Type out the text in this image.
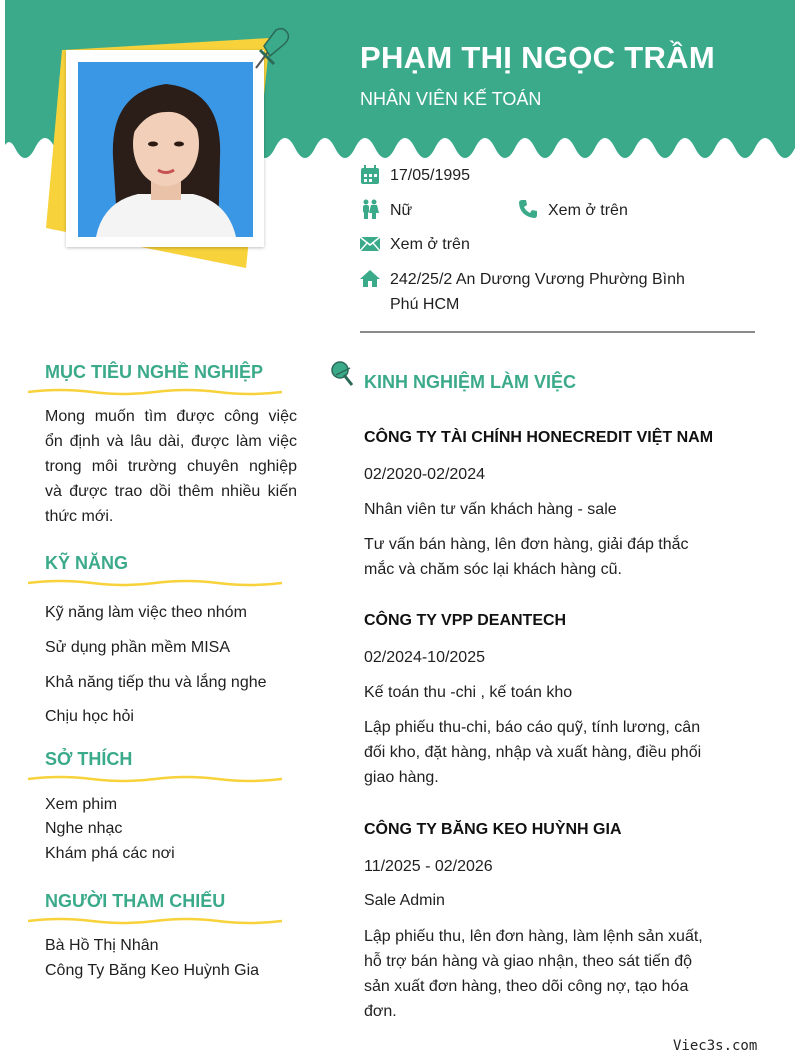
PHẠM THỊ NGỌC TRẦM
NHÂN VIÊN KẾ TOÁN
17/05/1995
Nữ	Xem ở trên
Xem ở trên
242/25/2 An Dương Vương Phường Bình
Phú HCM
MỤC TIÊU NGHỀ NGHIỆP
Mong muốn tìm được công việc
ổn định và lâu dài, được làm việc
trong môi trường chuyên nghiệp
và được trao dồi thêm nhiều kiến
thức mới.
KỸ NĂNG
Kỹ năng làm việc theo nhóm
Sử dụng phần mềm MISA
Khả năng tiếp thu và lắng nghe
Chịu học hỏi
SỞ THÍCH
Xem phim
Nghe nhạc
Khám phá các nơi
NGƯỜI THAM CHIẾU
Bà Hồ Thị Nhân
Công Ty Băng Keo Huỳnh Gia
KINH NGHIỆM LÀM VIỆC
CÔNG TY TÀI CHÍNH HONECREDIT VIỆT NAM
02/2020-02/2024
Nhân viên tư vấn khách hàng - sale
Tư vấn bán hàng, lên đơn hàng, giải đáp thắc
mắc và chăm sóc lại khách hàng cũ.
CÔNG TY VPP DEANTECH
02/2024-10/2025
Kế toán thu -chi , kế toán kho
Lập phiếu thu-chi, báo cáo quỹ, tính lương, cân
đối kho, đặt hàng, nhập và xuất hàng, điều phối
giao hàng.
CÔNG TY BĂNG KEO HUỲNH GIA
11/2025 - 02/2026
Sale Admin
Lập phiếu thu, lên đơn hàng, làm lệnh sản xuất,
hỗ trợ bán hàng và giao nhận, theo sát tiến độ
sản xuất đơn hàng, theo dõi công nợ, tạo hóa
đơn.
Viec3s.com
